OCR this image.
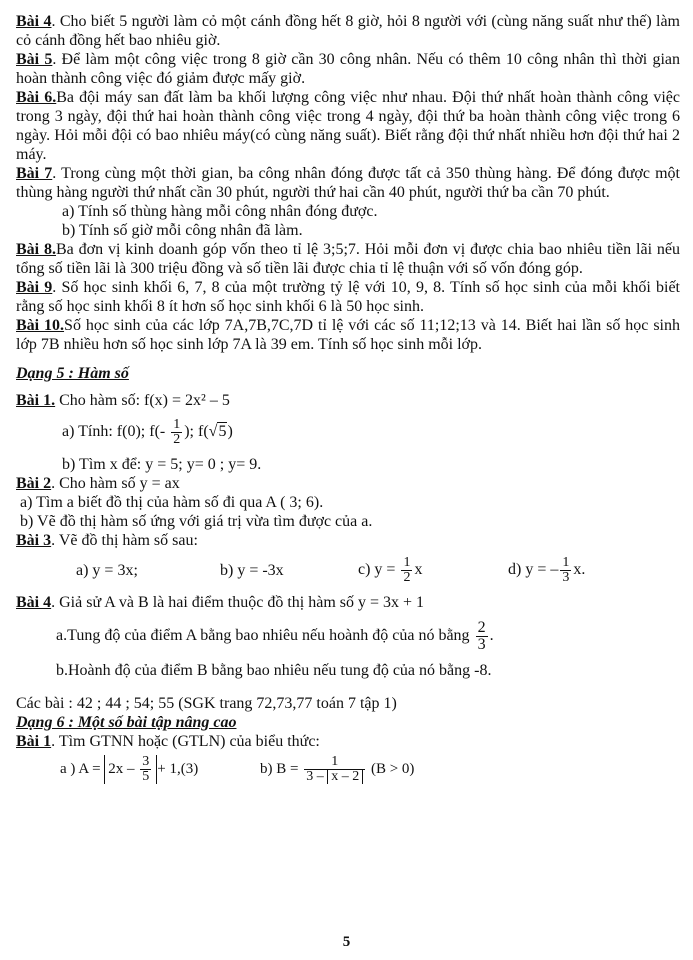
Bài 4. Cho biết 5 người làm cỏ một cánh đồng hết 8 giờ, hỏi 8 người với (cùng năng suất như thế) làm cỏ cánh đồng hết bao nhiêu giờ.

Bài 5. Để làm một công việc trong 8 giờ cần 30 công nhân. Nếu có thêm 10 công nhân thì thời gian hoàn thành công việc đó giảm được mấy giờ.

Bài 6.Ba đội máy san đất làm ba khối lượng công việc như nhau. Đội thứ nhất hoàn thành công việc trong 3 ngày, đội thứ hai hoàn thành công việc trong 4 ngày, đội thứ ba hoàn thành công việc trong 6 ngày. Hỏi mỗi đội có bao nhiêu máy(có cùng năng suất). Biết rằng đội thứ nhất nhiều hơn đội thứ hai 2 máy.

Bài 7. Trong cùng một thời gian, ba công nhân đóng được tất cả 350 thùng hàng. Để đóng được một thùng hàng người thứ nhất cần 30 phút, người thứ hai cần 40 phút, người thứ ba cần 70 phút.

a) Tính số thùng hàng mỗi công nhân đóng được.

b) Tính số giờ mỗi công nhân đã làm.

Bài 8.Ba đơn vị kinh doanh góp vốn theo tỉ lệ 3;5;7. Hỏi mỗi đơn vị được chia bao nhiêu tiền lãi nếu tổng số tiền lãi là 300 triệu đồng và số tiền lãi được chia tỉ lệ thuận với số vốn đóng góp.

Bài 9. Số học sinh khối 6, 7, 8 của một trường tỷ lệ với 10, 9, 8. Tính số học sinh của mỗi khối biết rằng số học sinh khối 8 ít hơn số học sinh khối 6 là 50 học sinh.

Bài 10.Số học sinh của các lớp 7A,7B,7C,7D tỉ lệ với các số 11;12;13 và 14. Biết hai lần số học sinh lớp 7B nhiều hơn số học sinh lớp 7A là 39 em. Tính số học sinh mỗi lớp.

Dạng 5 : Hàm số

Bài 1. Cho hàm số: f(x) = 2x² – 5

a) Tính: f(0); $f(- \frac{1}{2}$ ); f(√5)

b) Tìm x để: y = 5; y= 0 ; y= 9.

Bài 2. Cho hàm số y = ax

a) Tìm a biết đồ thị của hàm số đi qua A ( 3; 6).

b) Vẽ đồ thị hàm số ứng với giá trị vừa tìm được của a.

Bài 3. Vẽ đồ thị hàm số sau:

a) y = 3x;	b) y = -3x	c) $y = \frac{1}{2}$ x	d) y = – $\frac{1}{3} x$.

Bài 4. Giả sử A và B là hai điểm thuộc đồ thị hàm số y = 3x + 1

a.Tung độ của điểm A bằng bao nhiêu nếu hoành độ của nó bằng $\frac{2}{3}$ .

b.Hoành độ của điểm B bằng bao nhiêu nếu tung độ của nó bằng -8.

Các bài : 42 ; 44 ; 54; 55 (SGK trang 72,73,77 toán 7 tập 1)

Dạng 6 : Một số bài tập nâng cao

Bài 1. Tìm GTNN hoặc (GTLN) của biểu thức:

a ) $A = 2x - \frac{3}{5} + 1,(3)$	b) $B = \frac{1}{3 - x - 2} (B > 0)$
5
